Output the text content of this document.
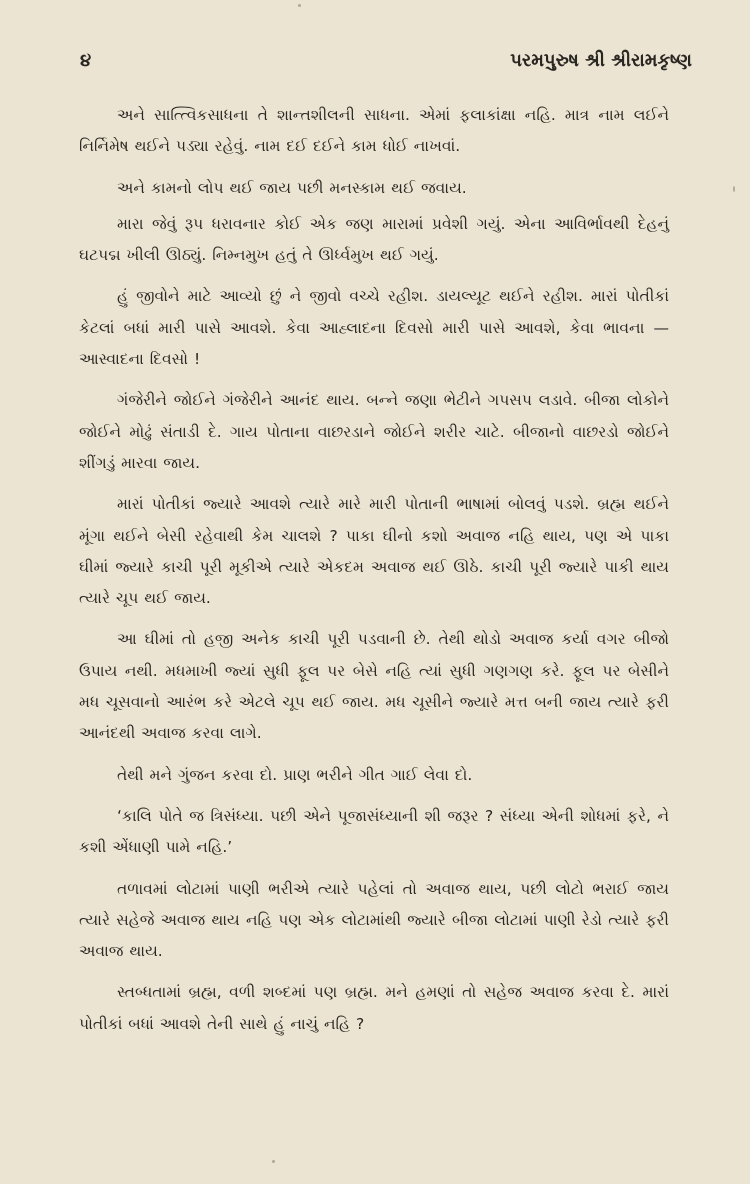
૪	પરમપુરુષ શ્રી શ્રીરામકૃષ્ણ

અને સાત્ત્વિકસાધના તે શાન્તશીલની સાધના. એમાં ફલાકાંક્ષા નહિ. માત્ર નામ લઈને નિર્નિમેષ થઈને પડ્યા રહેવું. નામ દઈ દઈને કામ ધોઈ નાખવાં.

અને કામનો લોપ થઈ જાય પછી મનસ્કામ થઈ જવાય.

મારા જેવું રૂપ ધરાવનાર કોઈ એક જણ મારામાં પ્રવેશી ગયું. એના આવિર્ભાવથી દેહનું ઘટપદ્મ ખીલી ઊઠ્યું. નિમ્નમુખ હતું તે ઊર્ધ્વમુખ થઈ ગયું.

હું જીવોને માટે આવ્યો છું ને જીવો વચ્ચે રહીશ. ડાયલ્યૂટ થઈને રહીશ. મારાં પોતીકાં કેટલાં બધાં મારી પાસે આવશે. કેવા આહ્લાદના દિવસો મારી પાસે આવશે, કેવા ભાવના — આસ્વાદના દિવસો !

ગંજેરીને જોઈને ગંજેરીને આનંદ થાય. બન્ને જણા ભેટીને ગપસપ લડાવે. બીજા લોકોને જોઈને મોઢું સંતાડી દે. ગાય પોતાના વાછરડાને જોઈને શરીર ચાટે. બીજાનો વાછરડો જોઈને શીંગડું મારવા જાય.

મારાં પોતીકાં જ્યારે આવશે ત્યારે મારે મારી પોતાની ભાષામાં બોલવું પડશે. બ્રહ્મ થઈને મૂંગા થઈને બેસી રહેવાથી કેમ ચાલશે ? પાકા ઘીનો કશો અવાજ નહિ થાય, પણ એ પાકા ઘીમાં જ્યારે કાચી પૂરી મૂકીએ ત્યારે એકદમ અવાજ થઈ ઊઠે. કાચી પૂરી જ્યારે પાકી થાય ત્યારે ચૂપ થઈ જાય.

આ ઘીમાં તો હજી અનેક કાચી પૂરી પડવાની છે. તેથી થોડો અવાજ કર્યા વગર બીજો ઉપાય નથી. મધમાખી જ્યાં સુધી ફૂલ પર બેસે નહિ ત્યાં સુધી ગણગણ કરે. ફૂલ પર બેસીને મધ ચૂસવાનો આરંભ કરે એટલે ચૂપ થઈ જાય. મધ ચૂસીને જ્યારે મત્ત બની જાય ત્યારે ફરી આનંદથી અવાજ કરવા લાગે.

તેથી મને ગુંજન કરવા દો. પ્રાણ ભરીને ગીત ગાઈ લેવા દો.

‘કાલિ પોતે જ ત્રિસંધ્યા. પછી એને પૂજાસંધ્યાની શી જરૂર ? સંધ્યા એની શોધમાં ફરે, ને કશી એંધાણી પામે નહિ.’

તળાવમાં લોટામાં પાણી ભરીએ ત્યારે પહેલાં તો અવાજ થાય, પછી લોટો ભરાઈ જાય ત્યારે સહેજે અવાજ થાય નહિ પણ એક લોટામાંથી જ્યારે બીજા લોટામાં પાણી રેડો ત્યારે ફરી અવાજ થાય.

સ્તબ્ધતામાં બ્રહ્મ, વળી શબ્દમાં પણ બ્રહ્મ. મને હમણાં તો સહેજ અવાજ કરવા દે. મારાં પોતીકાં બધાં આવશે તેની સાથે હું નાચું નહિ ?
